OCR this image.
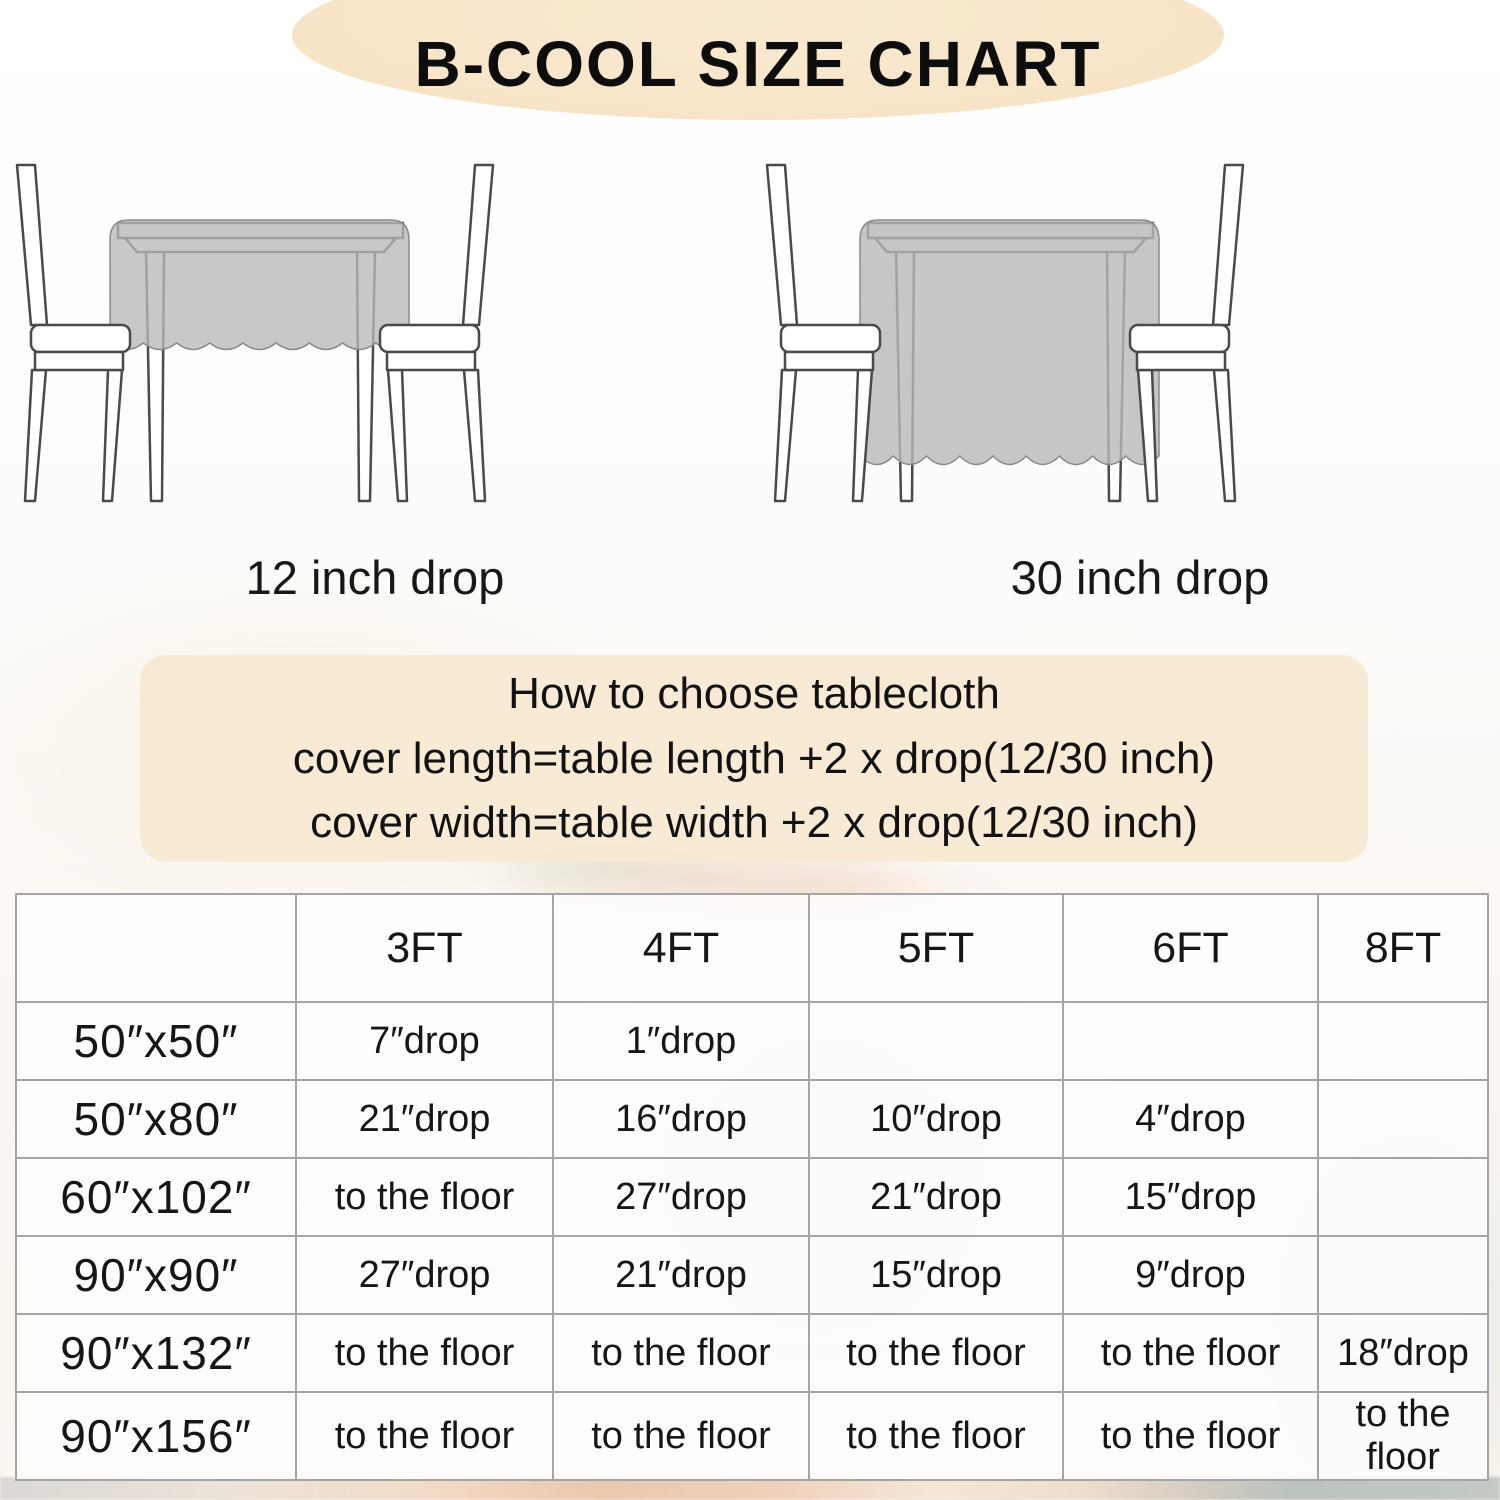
B-COOL SIZE CHART
12 inch drop	30 inch drop
How to choose tablecloth
cover length=table length +2 x drop(12/30 inch)
cover width=table width +2 x drop(12/30 inch)
	3FT	4FT	5FT	6FT	8FT
50″x50″	7″drop	1″drop			
50″x80″	21″drop	16″drop	10″drop	4″drop	
60″x102″	to the floor	27″drop	21″drop	15″drop	
90″x90″	27″drop	21″drop	15″drop	9″drop	
90″x132″	to the floor	to the floor	to the floor	to the floor	18″drop
90″x156″	to the floor	to the floor	to the floor	to the floor	to the floor
